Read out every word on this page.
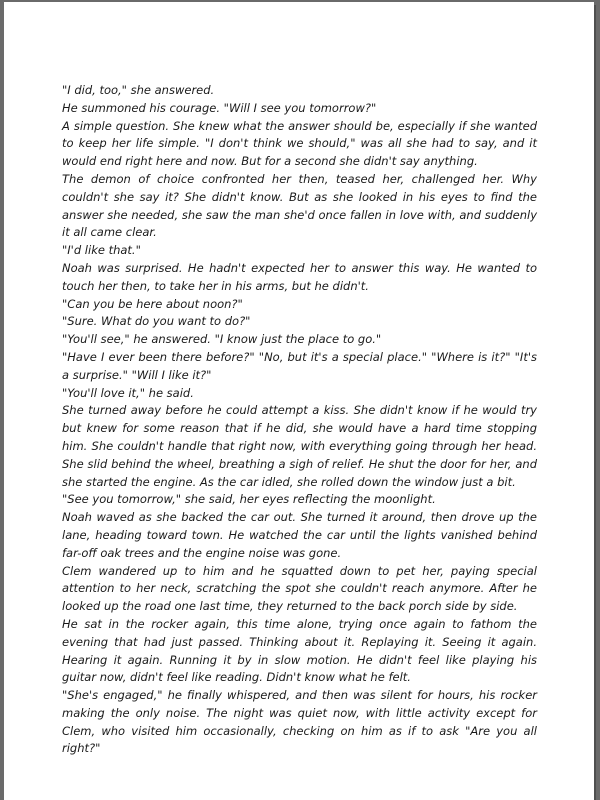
"I did, too," she answered.

He summoned his courage. "Will I see you tomorrow?"

A simple question. She knew what the answer should be, especially if she wanted to keep her life simple. "I don't think we should," was all she had to say, and it would end right here and now. But for a second she didn't say anything.

The demon of choice confronted her then, teased her, challenged her. Why couldn't she say it? She didn't know. But as she looked in his eyes to find the answer she needed, she saw the man she'd once fallen in love with, and suddenly it all came clear.

"I'd like that."

Noah was surprised. He hadn't expected her to answer this way. He wanted to touch her then, to take her in his arms, but he didn't.

"Can you be here about noon?"

"Sure. What do you want to do?"

"You'll see," he answered. "I know just the place to go."

"Have I ever been there before?" "No, but it's a special place." "Where is it?" "It's a surprise." "Will I like it?"

"You'll love it," he said.

She turned away before he could attempt a kiss. She didn't know if he would try but knew for some reason that if he did, she would have a hard time stopping him. She couldn't handle that right now, with everything going through her head. She slid behind the wheel, breathing a sigh of relief. He shut the door for her, and she started the engine. As the car idled, she rolled down the window just a bit.

"See you tomorrow," she said, her eyes reflecting the moonlight.

Noah waved as she backed the car out. She turned it around, then drove up the lane, heading toward town. He watched the car until the lights vanished behind far-off oak trees and the engine noise was gone.

Clem wandered up to him and he squatted down to pet her, paying special attention to her neck, scratching the spot she couldn't reach anymore. After he looked up the road one last time, they returned to the back porch side by side.

He sat in the rocker again, this time alone, trying once again to fathom the evening that had just passed. Thinking about it. Replaying it. Seeing it again. Hearing it again. Running it by in slow motion. He didn't feel like playing his guitar now, didn't feel like reading. Didn't know what he felt.

"She's engaged," he finally whispered, and then was silent for hours, his rocker making the only noise. The night was quiet now, with little activity except for Clem, who visited him occasionally, checking on him as if to ask "Are you all right?"
